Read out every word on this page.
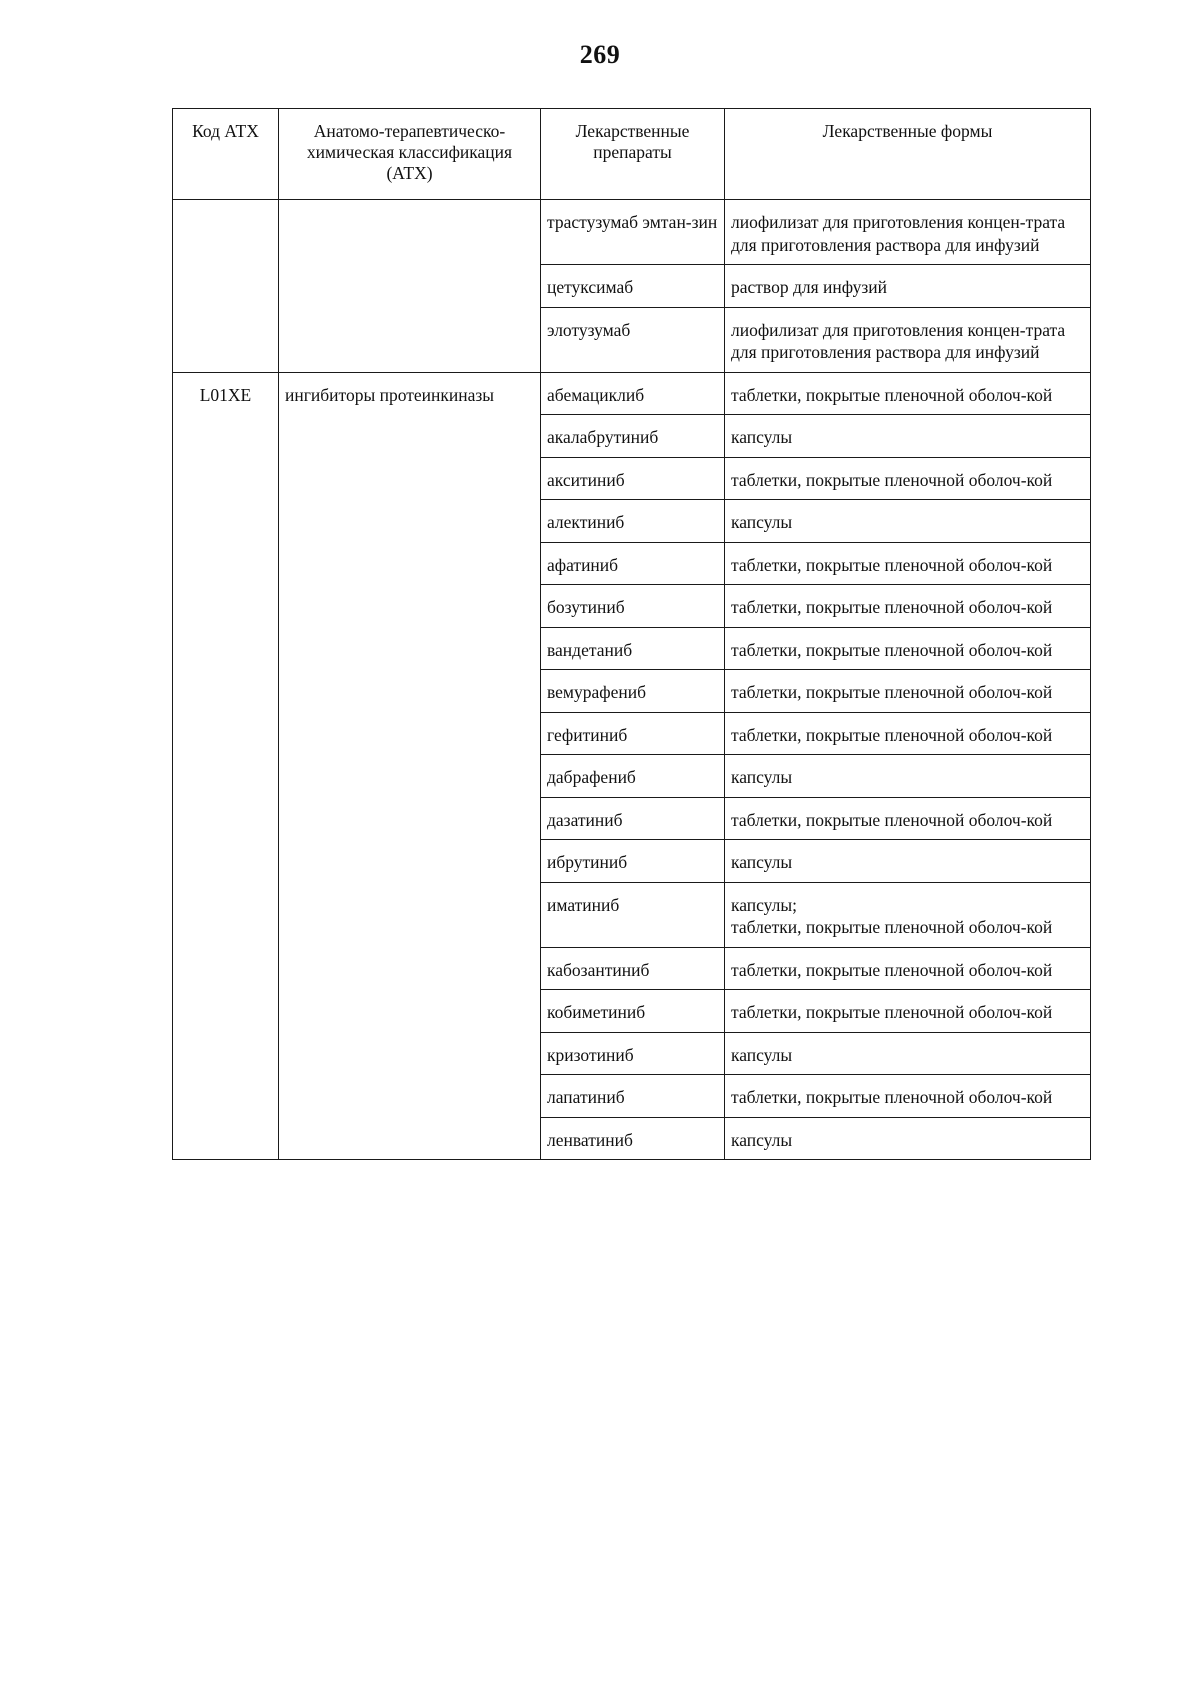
269
Код АТХ	Анатомо-терапевтическо-химическая классификация (АТХ)	Лекарственные препараты	Лекарственные формы
		трастузумаб эмтан-зин	лиофилизат для приготовления концен-трата для приготовления раствора для инфузий
		цетуксимаб	раствор для инфузий
		элотузумаб	лиофилизат для приготовления концен-трата для приготовления раствора для инфузий
L01XE	ингибиторы протеинкиназы	абемациклиб	таблетки, покрытые пленочной оболоч-кой
		акалабрутиниб	капсулы
		акситиниб	таблетки, покрытые пленочной оболоч-кой
		алектиниб	капсулы
		афатиниб	таблетки, покрытые пленочной оболоч-кой
		бозутиниб	таблетки, покрытые пленочной оболоч-кой
		вандетаниб	таблетки, покрытые пленочной оболоч-кой
		вемурафениб	таблетки, покрытые пленочной оболоч-кой
		гефитиниб	таблетки, покрытые пленочной оболоч-кой
		дабрафениб	капсулы
		дазатиниб	таблетки, покрытые пленочной оболоч-кой
		ибрутиниб	капсулы
		иматиниб	капсулы;
таблетки, покрытые пленочной оболоч-кой

		кабозантиниб	таблетки, покрытые пленочной оболоч-кой
		кобиметиниб	таблетки, покрытые пленочной оболоч-кой
		кризотиниб	капсулы
		лапатиниб	таблетки, покрытые пленочной оболоч-кой
		ленватиниб	капсулы
